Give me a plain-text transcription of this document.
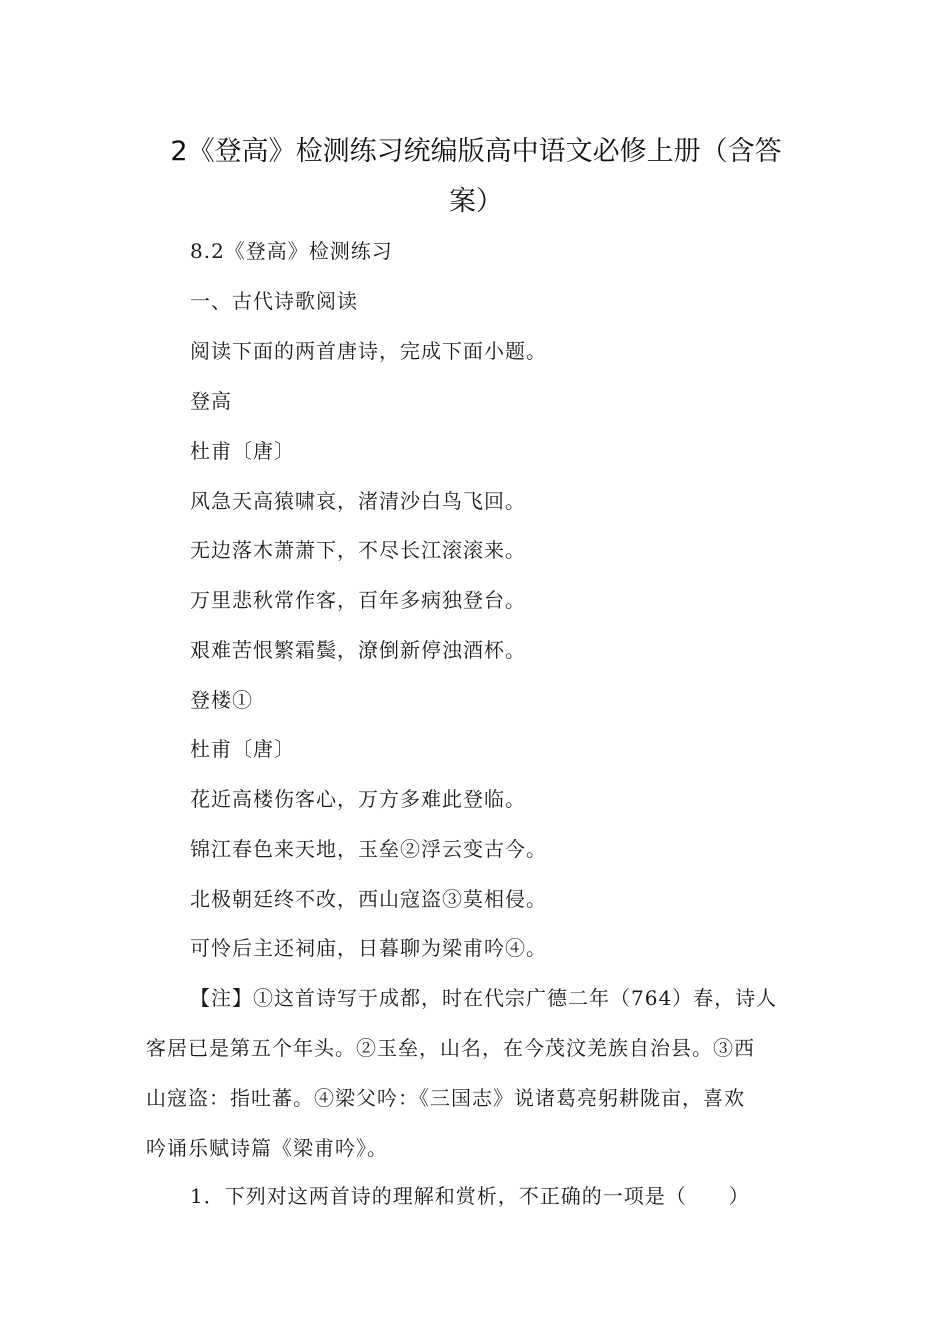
2《登高》检测练习统编版高中语文必修上册（含答
案）
8.2《登高》检测练习
一、古代诗歌阅读
阅读下面的两首唐诗，完成下面小题。
登高
杜甫〔唐〕
风急天高猿啸哀，渚清沙白鸟飞回。
无边落木萧萧下，不尽长江滚滚来。
万里悲秋常作客，百年多病独登台。
艰难苦恨繁霜鬓，潦倒新停浊酒杯。
登楼①
杜甫〔唐〕
花近高楼伤客心，万方多难此登临。
锦江春色来天地，玉垒②浮云变古今。
北极朝廷终不改，西山寇盗③莫相侵。
可怜后主还祠庙，日暮聊为梁甫吟④。
【注】①这首诗写于成都，时在代宗广德二年（764）春，诗人
客居已是第五个年头。②玉垒，山名，在今茂汶羌族自治县。③西
山寇盗：指吐蕃。④梁父吟：《三国志》说诸葛亮躬耕陇亩，喜欢
吟诵乐赋诗篇《梁甫吟》。
1．下列对这两首诗的理解和赏析，不正确的一项是（　　）
